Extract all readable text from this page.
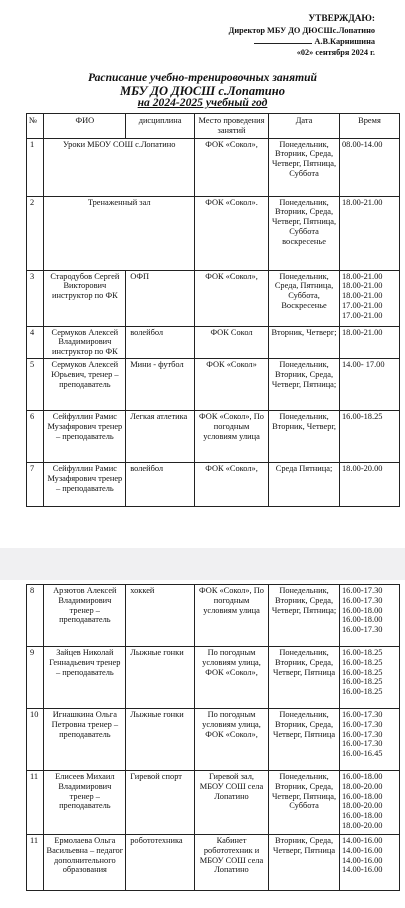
УТВЕРЖДАЮ:
Директор МБУ ДО ДЮСШс.Лопатино
А.В.Карнишина
«02» сентября 2024 г.
Расписание учебно-тренировочных занятий
МБУ ДО ДЮСШ с.Лопатино
на 2024-2025 учебный год
№	ФИО	дисциплина	Место проведения занятий	Дата	Время
1	Уроки МБОУ СОШ с.Лопатино		ФОК «Сокол»,	Понедельник, Вторник, Среда, Четверг, Пятница, Суббота	08.00-14.00
2	Тренаженный зал		ФОК «Сокол».	Понедельник, Вторник, Среда, Четверг, Пятница, Суббота воскресенье	18.00-21.00
3	Стародубов Сергей Викторович инструктор по ФК	ОФП	ФОК «Сокол»,	Понедельник, Среда, Пятница, Суббота, Воскресенье	18.00-21.00 18.00-21.00 18.00-21.00 17.00-21.00 17.00-21.00
4	Сермуков Алексей Владимирович инструктор по ФК	волейбол	ФОК Сокол	Вторник, Четверг;	18.00-21.00
5	Сермуков Алексей Юрьевич, тренер – преподаватель	Мини - футбол	ФОК «Сокол»	Понедельник, Вторник, Среда, Четверг, Пятница;	14.00- 17.00
6	Сейфуллин Рамис Музафярович тренер – преподаватель	Легкая атлетика	ФОК «Сокол», По погодным условиям улица	Понедельник, Вторник, Четверг,	16.00-18.25
7	Сейфуллин Рамис Музафярович тренер – преподаватель	волейбол	ФОК «Сокол»,	Среда Пятница;	18.00-20.00
8	Арзютов Алексей Владимирович тренер – преподаватель	хоккей	ФОК «Сокол», По погодным условиям улица	Понедельник, Вторник, Среда, Четверг, Пятница;	16.00-17.30 16.00-17.30 16.00-18.00 16.00-18.00 16.00-17.30
9	Зайцев Николай Геннадьевич тренер – преподаватель	Лыжные гонки	По погодным условиям улица, ФОК «Сокол»,	Понедельник, Вторник, Среда, Четверг, Пятница	16.00-18.25 16.00-18.25 16.00-18.25 16.00-18.25 16.00-18.25
10	Игнашкина Ольга Петровна тренер – преподаватель	Лыжные гонки	По погодным условиям улица, ФОК «Сокол»,	Понедельник, Вторник, Среда, Четверг, Пятница	16.00-17.30 16.00-17.30 16.00-17.30 16.00-17.30 16.00-16.45
11	Елисеев Михаил Владимирович тренер – преподаватель	Гиревой спорт	Гиревой зал, МБОУ СОШ села Лопатино	Понедельник, Вторник, Среда, Четверг, Пятница, Суббота	16.00-18.00 18.00-20.00 16.00-18.00 18.00-20.00 16.00-18.00 18.00-20.00
11	Ермолаева Ольга Васильевна – педагог дополнительного образования	робототехника	Кабинет робототехник и МБОУ СОШ села Лопатино	Вторник, Среда, Четверг, Пятница	14.00-16.00 14.00-16.00 14.00-16.00 14.00-16.00
